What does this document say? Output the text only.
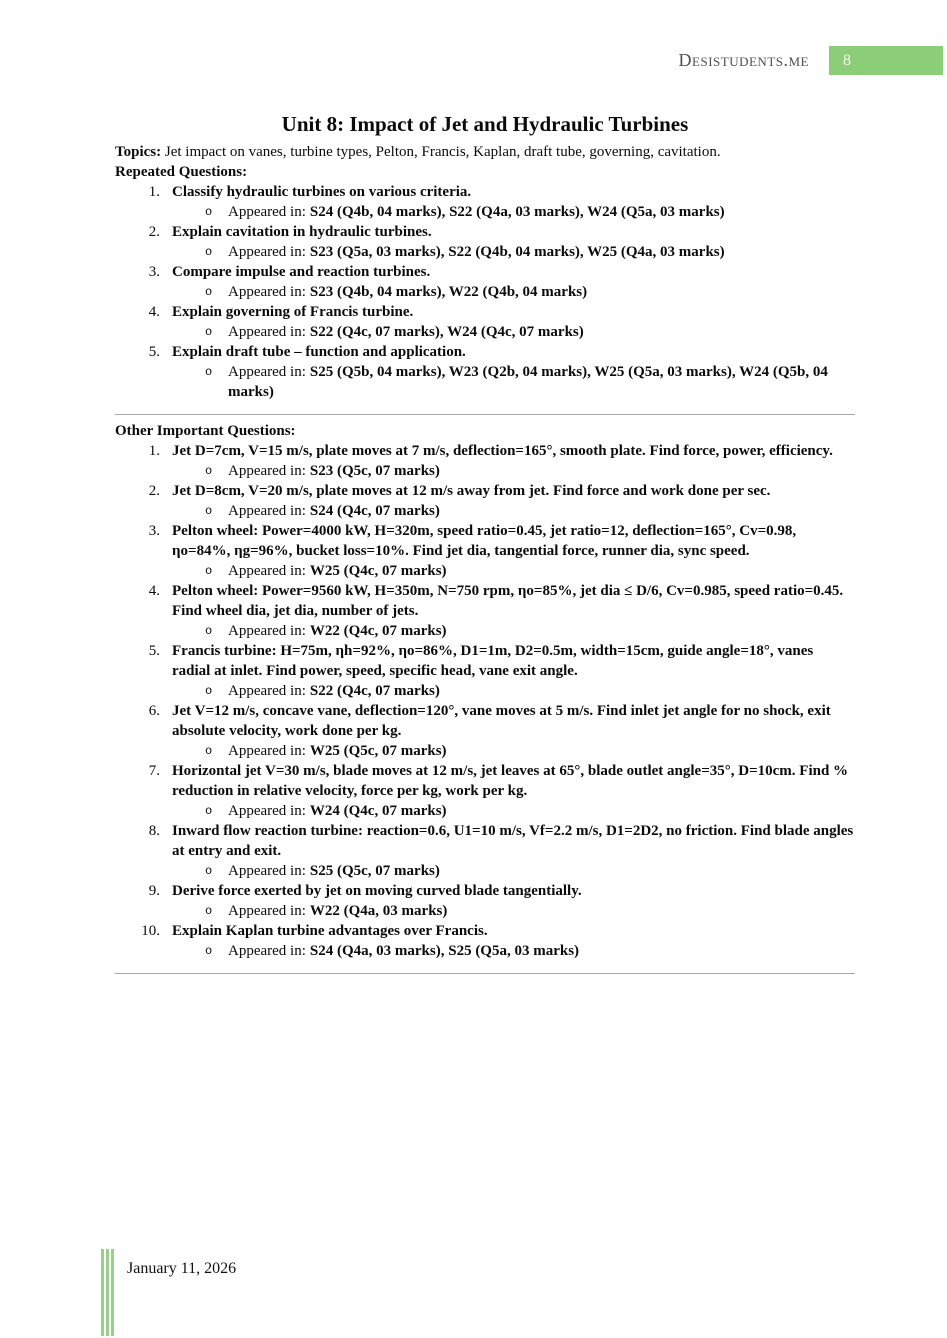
Desistudents.me 8
Unit 8: Impact of Jet and Hydraulic Turbines

Topics: Jet impact on vanes, turbine types, Pelton, Francis, Kaplan, draft tube, governing, cavitation.

Repeated Questions:
1. Classify hydraulic turbines on various criteria.
o	Appeared in: S24 (Q4b, 04 marks), S22 (Q4a, 03 marks), W24 (Q5a, 03 marks)
2. Explain cavitation in hydraulic turbines.
o	Appeared in: S23 (Q5a, 03 marks), S22 (Q4b, 04 marks), W25 (Q4a, 03 marks)
3. Compare impulse and reaction turbines.
o	Appeared in: S23 (Q4b, 04 marks), W22 (Q4b, 04 marks)
4. Explain governing of Francis turbine.
o	Appeared in: S22 (Q4c, 07 marks), W24 (Q4c, 07 marks)
5. Explain draft tube – function and application.
o	Appeared in: S25 (Q5b, 04 marks), W23 (Q2b, 04 marks), W25 (Q5a, 03 marks), W24 (Q5b, 04 marks)
Other Important Questions:
1. Jet D=7cm, V=15 m/s, plate moves at 7 m/s, deflection=165°, smooth plate. Find force, power, efficiency.
o	Appeared in: S23 (Q5c, 07 marks)
2. Jet D=8cm, V=20 m/s, plate moves at 12 m/s away from jet. Find force and work done per sec.
o	Appeared in: S24 (Q4c, 07 marks)
3. Pelton wheel: Power=4000 kW, H=320m, speed ratio=0.45, jet ratio=12, deflection=165°, Cv=0.98, ηo=84%, ηg=96%, bucket loss=10%. Find jet dia, tangential force, runner dia, sync speed.
o	Appeared in: W25 (Q4c, 07 marks)
4. Pelton wheel: Power=9560 kW, H=350m, N=750 rpm, ηo=85%, jet dia ≤ D/6, Cv=0.985, speed ratio=0.45. Find wheel dia, jet dia, number of jets.
o	Appeared in: W22 (Q4c, 07 marks)
5. Francis turbine: H=75m, ηh=92%, ηo=86%, D1=1m, D2=0.5m, width=15cm, guide angle=18°, vanes radial at inlet. Find power, speed, specific head, vane exit angle.
o	Appeared in: S22 (Q4c, 07 marks)
6. Jet V=12 m/s, concave vane, deflection=120°, vane moves at 5 m/s. Find inlet jet angle for no shock, exit absolute velocity, work done per kg.
o	Appeared in: W25 (Q5c, 07 marks)
7. Horizontal jet V=30 m/s, blade moves at 12 m/s, jet leaves at 65°, blade outlet angle=35°, D=10cm. Find % reduction in relative velocity, force per kg, work per kg.
o	Appeared in: W24 (Q4c, 07 marks)
8. Inward flow reaction turbine: reaction=0.6, U1=10 m/s, Vf=2.2 m/s, D1=2D2, no friction. Find blade angles at entry and exit.
o	Appeared in: S25 (Q5c, 07 marks)
9. Derive force exerted by jet on moving curved blade tangentially.
o	Appeared in: W22 (Q4a, 03 marks)
10. Explain Kaplan turbine advantages over Francis.
o	Appeared in: S24 (Q4a, 03 marks), S25 (Q5a, 03 marks)
January 11, 2026
